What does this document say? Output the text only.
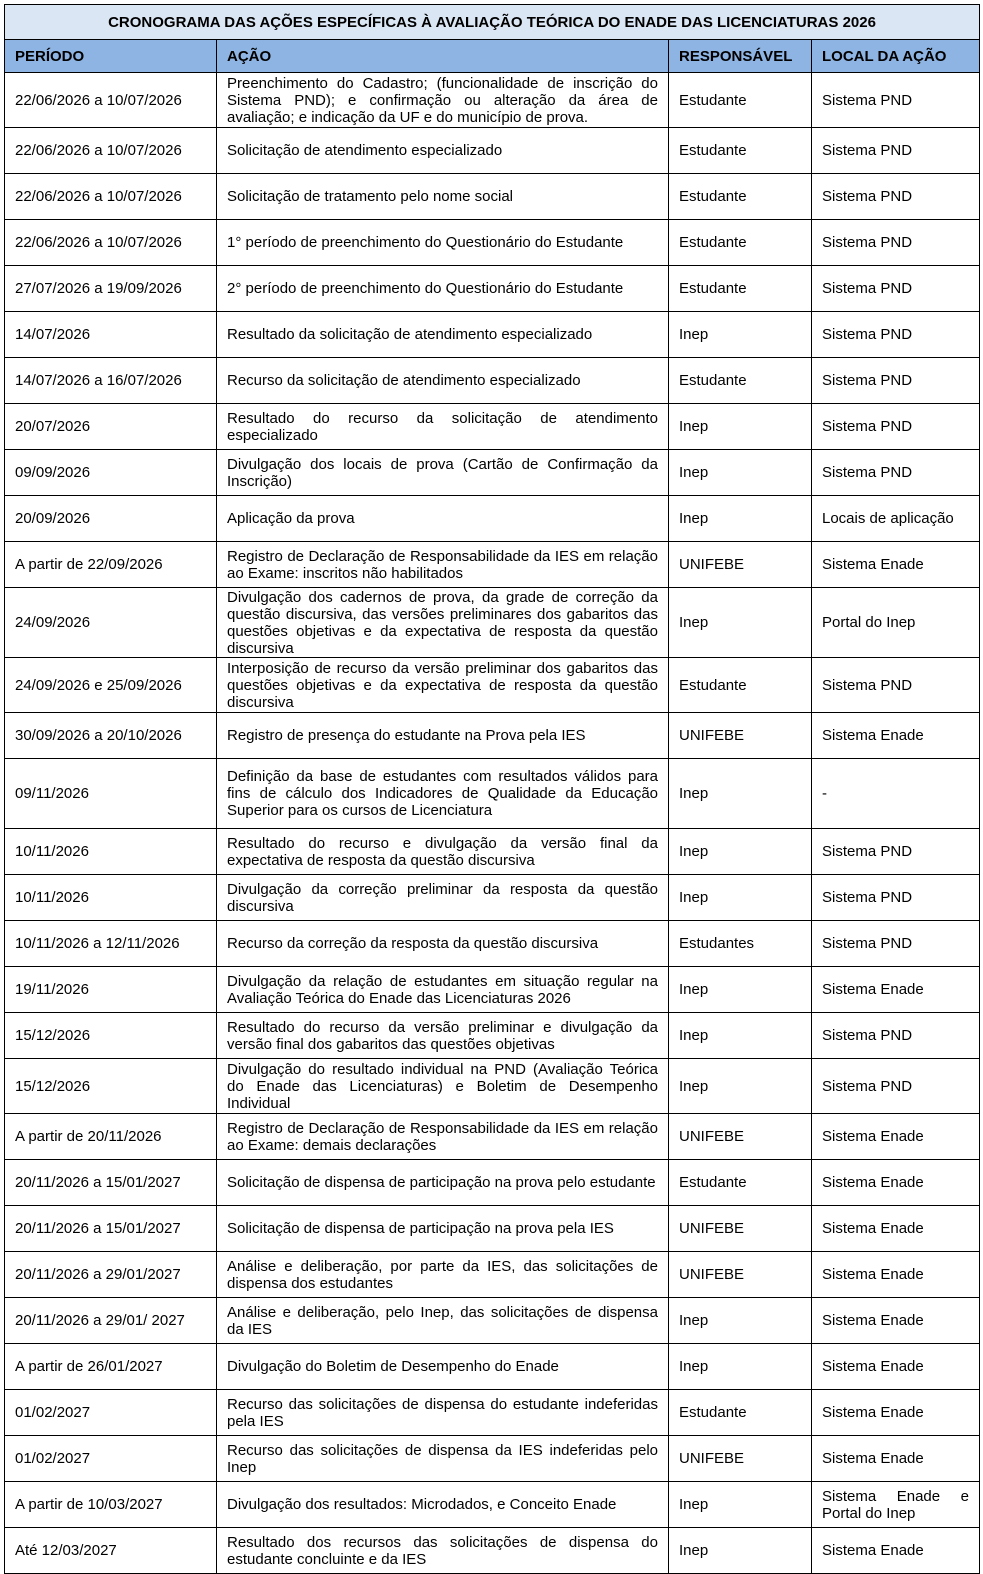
CRONOGRAMA DAS AÇÕES ESPECÍFICAS À AVALIAÇÃO TEÓRICA DO ENADE DAS LICENCIATURAS 2026			
PERÍODO	AÇÃO	RESPONSÁVEL	LOCAL DA AÇÃO
22/06/2026 a 10/07/2026	Preenchimento do Cadastro; (funcionalidade de inscrição do Sistema PND); e confirmação ou alteração da área de avaliação; e indicação da UF e do município de prova.	Estudante	Sistema PND
22/06/2026 a 10/07/2026	Solicitação de atendimento especializado	Estudante	Sistema PND
22/06/2026 a 10/07/2026	Solicitação de tratamento pelo nome social	Estudante	Sistema PND
22/06/2026 a 10/07/2026	1° período de preenchimento do Questionário do Estudante	Estudante	Sistema PND
27/07/2026 a 19/09/2026	2° período de preenchimento do Questionário do Estudante	Estudante	Sistema PND
14/07/2026	Resultado da solicitação de atendimento especializado	Inep	Sistema PND
14/07/2026 a 16/07/2026	Recurso da solicitação de atendimento especializado	Estudante	Sistema PND
20/07/2026	Resultado do recurso da solicitação de atendimento especializado	Inep	Sistema PND
09/09/2026	Divulgação dos locais de prova (Cartão de Confirmação da Inscrição)	Inep	Sistema PND
20/09/2026	Aplicação da prova	Inep	Locais de aplicação
A partir de 22/09/2026	Registro de Declaração de Responsabilidade da IES em relação ao Exame: inscritos não habilitados	UNIFEBE	Sistema Enade
24/09/2026	Divulgação dos cadernos de prova, da grade de correção da questão discursiva, das versões preliminares dos gabaritos das questões objetivas e da expectativa de resposta da questão discursiva	Inep	Portal do Inep
24/09/2026 e 25/09/2026	Interposição de recurso da versão preliminar dos gabaritos das questões objetivas e da expectativa de resposta da questão discursiva	Estudante	Sistema PND
30/09/2026 a 20/10/2026	Registro de presença do estudante na Prova pela IES	UNIFEBE	Sistema Enade
09/11/2026	Definição da base de estudantes com resultados válidos para fins de cálculo dos Indicadores de Qualidade da Educação Superior para os cursos de Licenciatura	Inep	-
10/11/2026	Resultado do recurso e divulgação da versão final da expectativa de resposta da questão discursiva	Inep	Sistema PND
10/11/2026	Divulgação da correção preliminar da resposta da questão discursiva	Inep	Sistema PND
10/11/2026 a 12/11/2026	Recurso da correção da resposta da questão discursiva	Estudantes	Sistema PND
19/11/2026	Divulgação da relação de estudantes em situação regular na Avaliação Teórica do Enade das Licenciaturas 2026	Inep	Sistema Enade
15/12/2026	Resultado do recurso da versão preliminar e divulgação da versão final dos gabaritos das questões objetivas	Inep	Sistema PND
15/12/2026	Divulgação do resultado individual na PND (Avaliação Teórica do Enade das Licenciaturas) e Boletim de Desempenho Individual	Inep	Sistema PND
A partir de 20/11/2026	Registro de Declaração de Responsabilidade da IES em relação ao Exame: demais declarações	UNIFEBE	Sistema Enade
20/11/2026 a 15/01/2027	Solicitação de dispensa de participação na prova pelo estudante	Estudante	Sistema Enade
20/11/2026 a 15/01/2027	Solicitação de dispensa de participação na prova pela IES	UNIFEBE	Sistema Enade
20/11/2026 a 29/01/2027	Análise e deliberação, por parte da IES, das solicitações de dispensa dos estudantes	UNIFEBE	Sistema Enade
20/11/2026 a 29/01/ 2027	Análise e deliberação, pelo Inep, das solicitações de dispensa da IES	Inep	Sistema Enade
A partir de 26/01/2027	Divulgação do Boletim de Desempenho do Enade	Inep	Sistema Enade
01/02/2027	Recurso das solicitações de dispensa do estudante indeferidas pela IES	Estudante	Sistema Enade
01/02/2027	Recurso das solicitações de dispensa da IES indeferidas pelo Inep	UNIFEBE	Sistema Enade
A partir de 10/03/2027	Divulgação dos resultados: Microdados, e Conceito Enade	Inep	Sistema Enade e Portal do Inep
Até 12/03/2027	Resultado dos recursos das solicitações de dispensa do estudante concluinte e da IES	Inep	Sistema Enade
